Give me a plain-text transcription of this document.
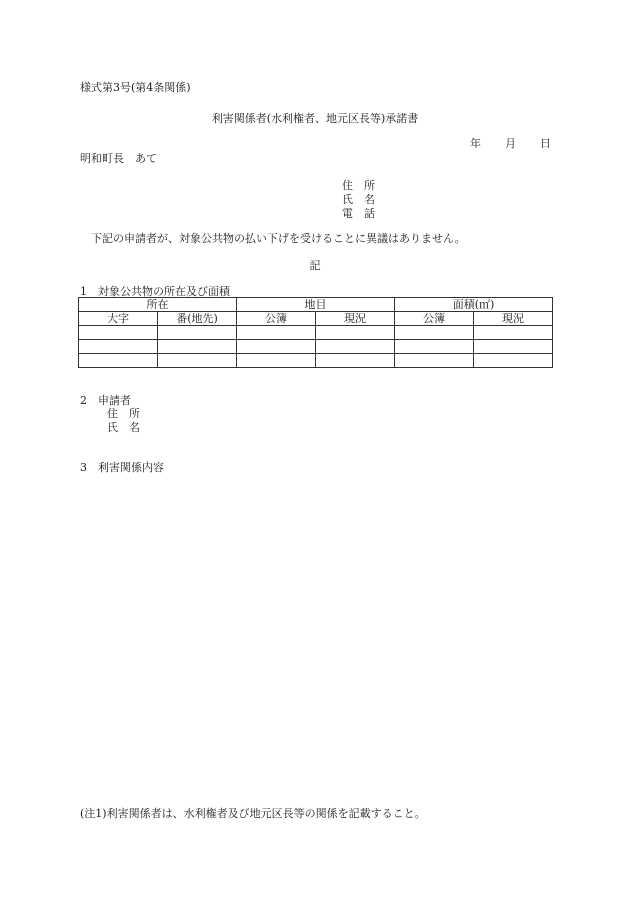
様式第3号(第4条関係)
利害関係者(水利権者、地元区長等)承諾書
年 月 日
明和町長　あて
住　所
氏　名
電　話
下記の申請者が、対象公共物の払い下げを受けることに異議はありません。
記
1　対象公共物の所在及び面積
所在		地目		面積(㎡)	
大字	番(地先)	公簿	現況	公簿	現況

2　申請者
住　所
氏　名
3　利害関係内容
(注1)利害関係者は、水利権者及び地元区長等の関係を記載すること。
